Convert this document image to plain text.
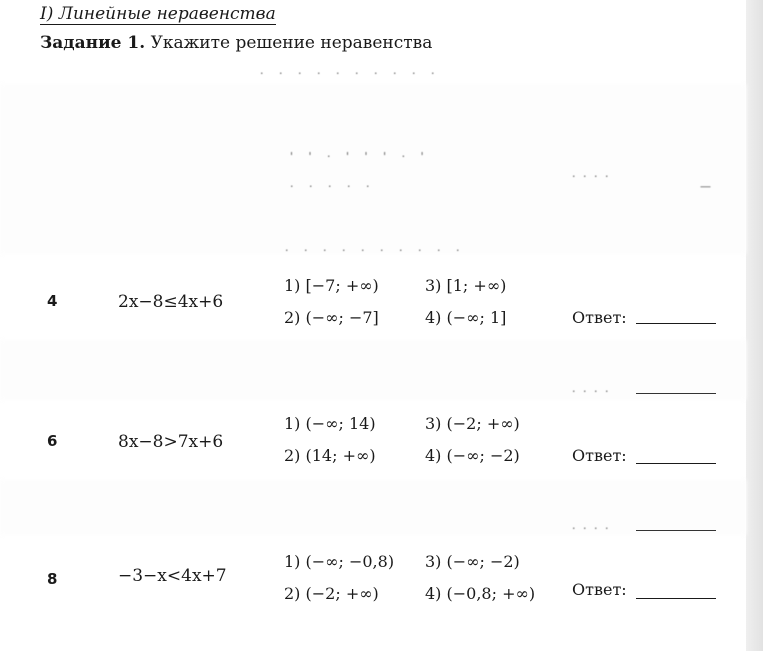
I) Линейные неравенства
Задание 1. Укажите решение неравенства
· · · · · · · · · ·
' ' · ' ' ' · '
· · · · ·
· · · ·
—
· · · · · · · · · ·
· · · ·
· · · ·
4	2x−8≤4x+6
1) [−7; +∞)
2) (−∞; −7]
3) [1; +∞)
4) (−∞; 1]	Ответ:
6	8x−8>7x+6
1) (−∞; 14)
2) (14; +∞)
3) (−2; +∞)
4) (−∞; −2)	Ответ:
8	−3−x<4x+7
1) (−∞; −0,8)
2) (−2; +∞)
3) (−∞; −2)
4) (−0,8; +∞) Ответ:
